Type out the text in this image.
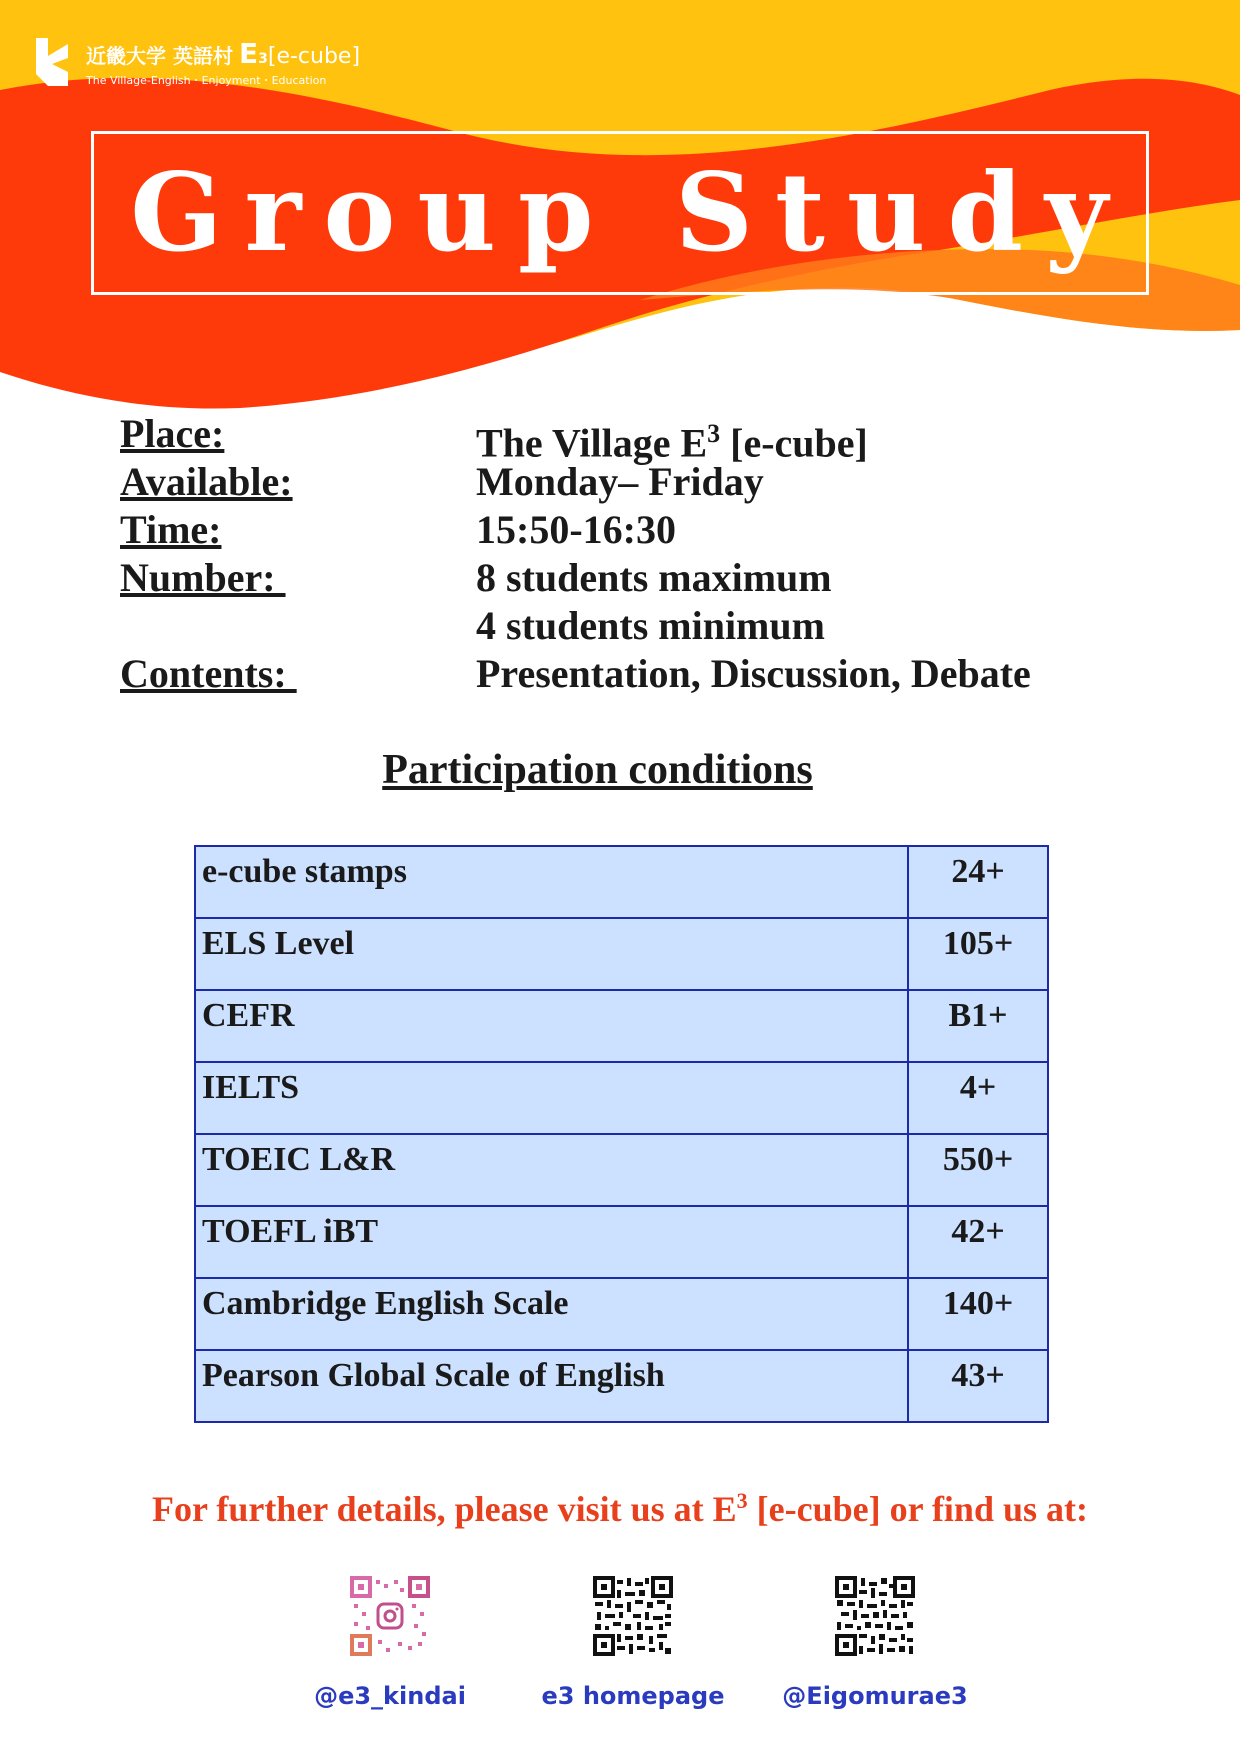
近畿大学 英語村 E 3 [e-cube]
The Village-English・Enjoyment・Education
Group Study
Place:	The Village $E^3$ [e-cube]
Available:	Monday– Friday
Time:	15:50-16:30
Number:	8 students maximum
4 students minimum
Contents:	Presentation, Discussion, Debate
Participation conditions
e-cube stamps	24+
ELS Level	105+
CEFR	B1+
IELTS	4+
TOEIC L&R	550+
TOEFL iBT	42+
Cambridge English Scale	140+
Pearson Global Scale of English	43+
For further details, please visit us at $E^3$ [e-cube] or find us at:
@e3_kindai	e3 homepage	@Eigomurae3
